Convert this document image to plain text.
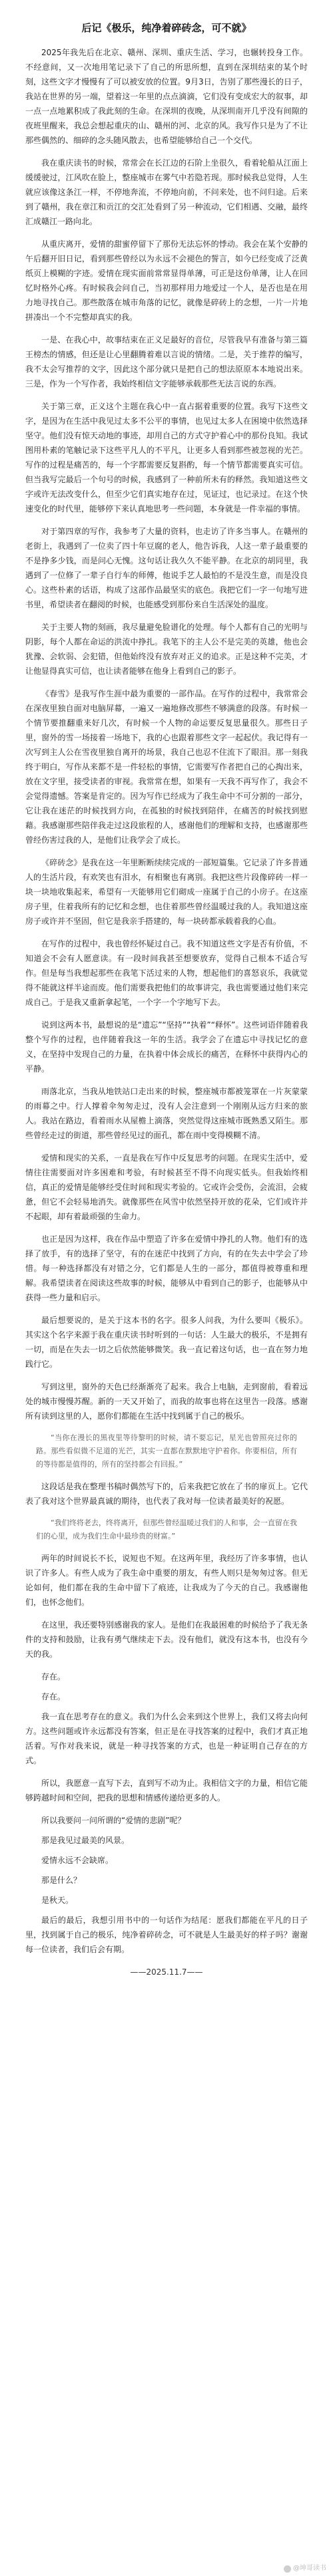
后记《极乐，纯净着碎砖念，可不就》
2025年我先后在北京、赣州、深圳、重庆生活、学习，也辗转投身工作。不经意间，又一次地用笔记录下了自己的所思所想，直到在深圳结束的某个时刻，这些文字才慢慢有了可以被安放的位置。9月3日，告别了那些漫长的日子，我站在世界的另一端，望着这一年里的点点滴滴，它们没有变成宏大的叙事，却一点一点地累积成了我此刻的生命。在深圳的夜晚，从深圳南开几乎没有间隙的夜班里醒来，我总会想起重庆的山、赣州的河、北京的风。我写作只是为了不让那些偶然的、细碎的念头随风散去，也希望能够给自己一个交代。
我在重庆读书的时候，常常会在长江边的石阶上坐很久，看着轮船从江面上缓缓驶过，江风吹在脸上，整座城市在雾气中若隐若现。那时候我总觉得，人生就应该像这条江一样，不停地奔流，不停地向前，不问来处，也不问归途。后来到了赣州，我在章江和贡江的交汇处看到了另一种流动，它们相遇、交融，最终汇成赣江一路向北。
从重庆离开，爱情的甜蜜停留下了那份无法忘怀的悸动。我会在某个安静的午后翻开旧日记，看到那些曾经以为永远不会褪色的誓言，如今已经变成了泛黄纸页上模糊的字迹。爱情在现实面前常常显得单薄，可正是这份单薄，让人在回忆时格外心疼。有时候我会问自己，当初那样用力地爱过一个人，是否也是在用力地寻找自己。那些散落在城市角落的记忆，就像是碎砖上的念想，一片一片地拼凑出一个不完整却真实的我。
一是、在我心中，故事结束在正义足最好的音位，尽管我早有准备与第三篇王榜杰的情感，但还是让心里翻腾着难以言说的情绪。二是，关于推荐的编写，我不太会写推荐的文字，因此这个部分就只是把自己的想法原原本本地说出来。三是，作为一个写作者，我始终相信文字能够承载那些无法言说的东西。
关于第三章，正义这个主题在我心中一直占据着重要的位置。我写下这些文字，是因为在生活中我见过太多不公平的事情，也见过太多人在困境中依然选择坚守。他们没有惊天动地的事迹，却用自己的方式守护着心中的那份良知。我试图用朴素的笔触记录下这些平凡人的不平凡，让更多人看到那些被忽视的光芒。写作的过程是痛苦的，每一个字都需要反复斟酌，每一个情节都需要真实可信。但当我写完最后一个句号的时候，我感到了一种前所未有的释然。我知道这些文字或许无法改变什么，但至少它们真实地存在过，见证过，也记录过。在这个快速变化的时代里，能够停下来认真地思考一些问题，本身就是一件幸福的事情。
对于第四章的写作，我参考了大量的资料，也走访了许多当事人。在赣州的老街上，我遇到了一位卖了四十年豆腐的老人，他告诉我，人这一辈子最重要的不是挣多少钱，而是问心无愧。这句话让我久久不能平静。在北京的胡同里，我遇到了一位修了一辈子自行车的师傅，他说手艺人最怕的不是没生意，而是没良心。这些朴素的话语，构成了这部作品最坚实的底色。我把它们一字一句地写进书里，希望读者在翻阅的时候，也能感受到那份来自生活深处的温度。
关于主要人物的刻画，我尽量避免脸谱化的处理。每个人都有自己的光明与阴影，每个人都在命运的洪流中挣扎。我笔下的主人公不是完美的英雄，他也会犹豫、会软弱、会犯错，但他始终没有放弃对正义的追求。正是这种不完美，才让他显得真实可信，也让读者能够在他身上看到自己的影子。
《春雪》是我写作生涯中最为重要的一部作品。在写作的过程中，我常常会在深夜里独自面对电脑屏幕，一遍又一遍地修改那些不够满意的段落。有时候一个情节要推翻重来好几次，有时候一个人物的命运要反复思量很久。那些日子里，窗外的雪一场接着一场地下，我的心也跟着那些文字一起起伏。我记得有一次写到主人公在雪夜里独自离开的场景，我自己也忍不住流下了眼泪。那一刻我终于明白，写作从来都不是一件轻松的事情，它需要写作者把自己的心掏出来，放在文字里，接受读者的审视。我常常在想，如果有一天我不再写作了，我会不会觉得遗憾。答案是肯定的。因为写作已经成为了我生命中不可分割的一部分，它让我在迷茫的时候找到方向，在孤独的时候找到陪伴，在痛苦的时候找到慰藉。我感谢那些陪伴我走过这段旅程的人，感谢他们的理解和支持，也感谢那些曾经伤害过我的人，是他们让我学会了成长。
《碎砖念》是我在这一年里断断续续完成的一部短篇集。它记录了许多普通人的生活片段，有欢笑也有泪水，有相聚也有离别。我把这些片段像碎砖一样一块一块地收集起来，希望有一天能够用它们砌成一座属于自己的小房子。在这座房子里，住着我所有的记忆和念想，也住着那些曾经温暖过我的人。我知道这座房子或许并不坚固，但它是我亲手搭建的，每一块砖都承载着我的心血。
在写作的过程中，我也曾经怀疑过自己。我不知道这些文字是否有价值，不知道会不会有人愿意读。有一段时间我甚至想要放弃，觉得自己根本不适合写作。但是每当我想起那些在我笔下活过来的人物，想起他们的喜怒哀乐，我就觉得不能就这样半途而废。他们需要我把他们的故事讲完，我也需要通过他们来完成自己。于是我又重新拿起笔，一个字一个字地写下去。
说到这两本书，最想说的是“遗忘”“坚持”“执着”“释怀”。这些词语伴随着我整个写作的过程，也伴随着我这一年的生活。我学会了在遗忘中寻找记忆的意义，在坚持中发现自己的力量，在执着中体会成长的痛苦，在释怀中获得内心的平静。
雨落北京，当我从地铁站口走出来的时候，整座城市都被笼罩在一片灰蒙蒙的雨幕之中。行人撑着伞匆匆走过，没有人会注意到一个刚刚从远方归来的旅人。我站在路边，看着雨水从屋檐上滴落，突然觉得这座城市既熟悉又陌生。那些曾经走过的街道，那些曾经见过的面孔，都在雨中变得模糊不清。
爱情和现实的关系，一直是我在写作中反复思考的问题。在现实生活中，爱情往往需要面对许多困难和考验，有时候甚至不得不向现实低头。但我始终相信，真正的爱情是能够经受住时间和现实考验的。它或许会受伤，会流泪，会疲惫，但它不会轻易地消失。就像那些在风雪中依然坚持开放的花朵，它们或许并不起眼，却有着最顽强的生命力。
也正是因为这样，我在作品中塑造了许多在爱情中挣扎的人物。他们有的选择了放手，有的选择了坚守，有的在迷茫中找到了方向，有的在失去中学会了珍惜。每一种选择都没有对错之分，它们都是人生的一部分，都值得被尊重和理解。我希望读者在阅读这些故事的时候，能够从中看到自己的影子，也能够从中获得一些力量和启示。
最后想要说的，是关于这本书的名字。很多人问我，为什么要叫《极乐》。其实这个名字来源于我在重庆读书时听到的一句话：人生最大的极乐，不是拥有一切，而是在失去一切之后依然能够微笑。我一直记着这句话，也一直在努力地践行它。
写到这里，窗外的天色已经渐渐亮了起来。我合上电脑，走到窗前，看着远处的城市慢慢苏醒。新的一天又开始了，而我的故事也将在这里告一段落。感谢所有读到这里的人，愿你们都能在生活中找到属于自己的极乐。
“当你在漫长的黑夜里等待黎明的时候，请不要忘记，星光也曾照亮过你的路。那些看似微不足道的光芒，其实一直都在默默地守护着你。你要相信，所有的等待都是值得的，所有的坚持都会有回报。”
这段话是我在整理书稿时偶然写下的，后来我把它放在了书的扉页上。它代表了我对这个世界最真诚的期待，也代表了我对每一位读者最美好的祝愿。
“我们终将老去，终将离开，但那些曾经温暖过我们的人和事，会一直留在我们的心里，成为我们生命中最珍贵的财富。”
两年的时间说长不长，说短也不短。在这两年里，我经历了许多事情，也认识了许多人。有些人成为了我生命中重要的朋友，有些人则只是匆匆过客。但无论如何，他们都在我的生命中留下了痕迹，让我成为了今天的自己。我感谢他们，也怀念他们。
在这里，我还要特别感谢我的家人。是他们在我最困难的时候给予了我无条件的支持和鼓励，让我有勇气继续走下去。没有他们，就没有这本书，也没有今天的我。
存在。
存在。
我一直在思考存在的意义。我们为什么会来到这个世界上，我们又将去向何方。这些问题或许永远都没有答案，但正是在寻找答案的过程中，我们才真正地活着。写作对我来说，就是一种寻找答案的方式，也是一种证明自己存在的方式。
所以，我愿意一直写下去，直到写不动为止。我相信文字的力量，相信它能够跨越时间和空间，把我的思想和情感传递给更多的人。
所以我要问一问所谓的“爱情的悲剧”呢？
那是我见过最美的风景。
爱情永远不会缺席。
那是什么？
是秋天。
最后的最后，我想引用书中的一句话作为结尾：愿我们都能在平凡的日子里，找到属于自己的极乐，纯净着碎砖念，可不就是人生最美好的样子吗？谢谢每一位读者，我们后会有期。
——2025.11.7——
@坤哥读书
